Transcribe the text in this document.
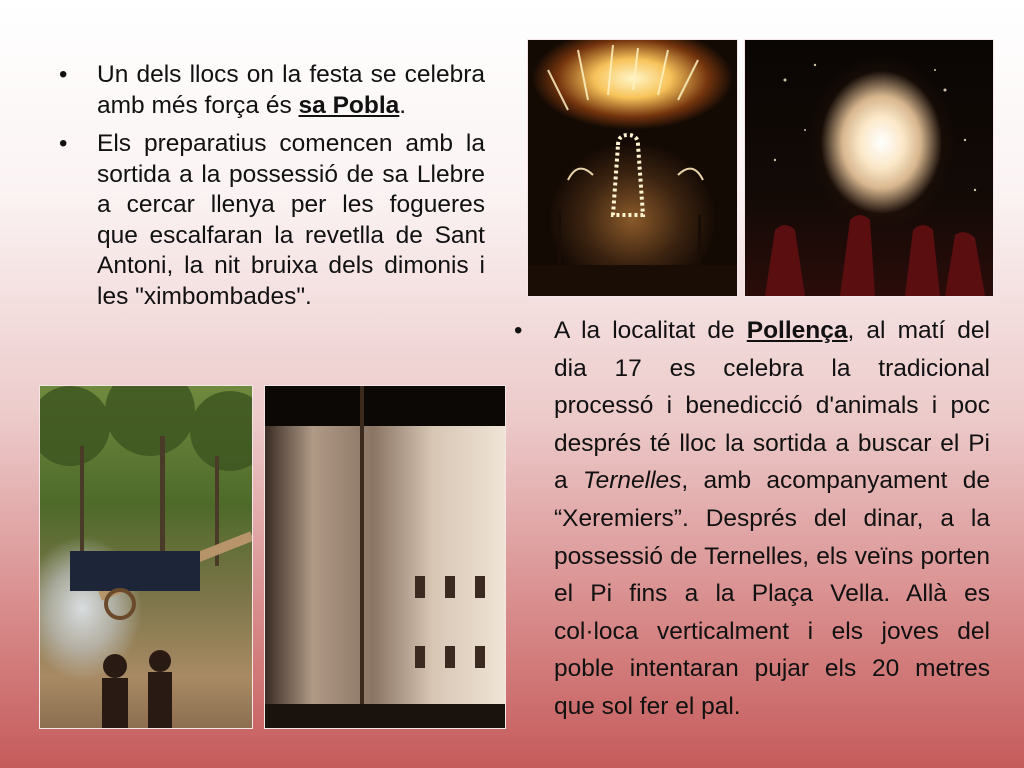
• Un dels llocs on la festa se celebra amb més força és sa Pobla.
• Els preparatius comencen amb la sortida a la possessió de sa Llebre a cercar llenya per les fogueres que escalfaran la revetlla de Sant Antoni, la nit bruixa dels dimonis i les "ximbombades".
• A la localitat de Pollença, al matí del dia 17 es celebra la tradicional processó i benedicció d'animals i poc després té lloc la sortida a buscar el Pi a Ternelles, amb acompanyament de “Xeremiers”. Després del dinar, a la possessió de Ternelles, els veïns porten el Pi fins a la Plaça Vella. Allà es col·loca verticalment i els joves del poble intentaran pujar els 20 metres que sol fer el pal.
